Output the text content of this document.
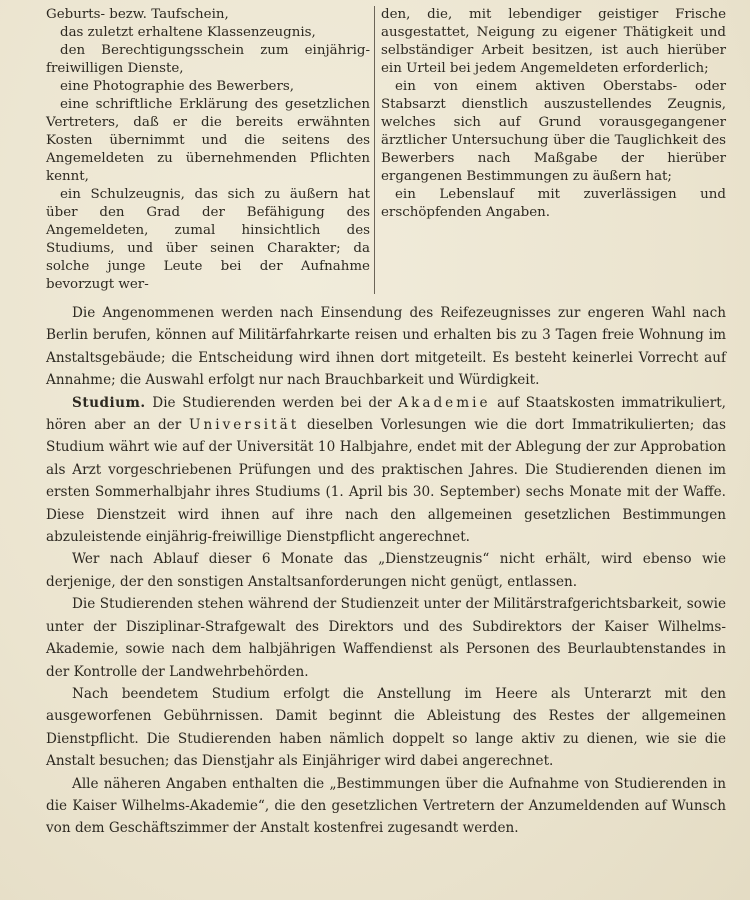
Geburts- bezw. Taufschein,

das zuletzt erhaltene Klassenzeugnis,

den Berechtigungsschein zum einjährig-freiwilligen Dienste,

eine Photographie des Bewerbers,

eine schriftliche Erklärung des gesetzlichen Vertreters, daß er die bereits erwähnten Kosten übernimmt und die seitens des Angemeldeten zu übernehmenden Pflichten kennt,

ein Schulzeugnis, das sich zu äußern hat über den Grad der Befähigung des Angemeldeten, zumal hinsichtlich des Studiums, und über seinen Charakter; da solche junge Leute bei der Aufnahme bevorzugt wer-

den, die, mit lebendiger geistiger Frische ausgestattet, Neigung zu eigener Thätigkeit und selbständiger Arbeit besitzen, ist auch hierüber ein Urteil bei jedem Angemeldeten erforderlich;

ein von einem aktiven Oberstabs- oder Stabsarzt dienstlich auszustellendes Zeugnis, welches sich auf Grund vorausgegangener ärztlicher Untersuchung über die Tauglichkeit des Bewerbers nach Maßgabe der hierüber ergangenen Bestimmungen zu äußern hat;

ein Lebenslauf mit zuverlässigen und erschöpfenden Angaben.

Die Angenommenen werden nach Einsendung des Reifezeugnisses zur engeren Wahl nach Berlin berufen, können auf Militärfahrkarte reisen und erhalten bis zu 3 Tagen freie Wohnung im Anstaltsgebäude; die Entscheidung wird ihnen dort mitgeteilt. Es besteht keinerlei Vorrecht auf Annahme; die Auswahl erfolgt nur nach Brauchbarkeit und Würdigkeit.

Studium. Die Studierenden werden bei der Akademie auf Staatskosten immatrikuliert, hören aber an der Universität dieselben Vorlesungen wie die dort Immatrikulierten; das Studium währt wie auf der Universität 10 Halbjahre, endet mit der Ablegung der zur Approbation als Arzt vorgeschriebenen Prüfungen und des praktischen Jahres. Die Studierenden dienen im ersten Sommerhalbjahr ihres Studiums (1. April bis 30. September) sechs Monate mit der Waffe. Diese Dienstzeit wird ihnen auf ihre nach den allgemeinen gesetzlichen Bestimmungen abzuleistende einjährig-freiwillige Dienstpflicht angerechnet.

Wer nach Ablauf dieser 6 Monate das „Dienstzeugnis“ nicht erhält, wird ebenso wie derjenige, der den sonstigen Anstaltsanforderungen nicht genügt, entlassen.

Die Studierenden stehen während der Studienzeit unter der Militärstrafgerichtsbarkeit, sowie unter der Disziplinar-Strafgewalt des Direktors und des Subdirektors der Kaiser Wilhelms-Akademie, sowie nach dem halbjährigen Waffendienst als Personen des Beurlaubtenstandes in der Kontrolle der Landwehrbehörden.

Nach beendetem Studium erfolgt die Anstellung im Heere als Unterarzt mit den ausgeworfenen Gebührnissen. Damit beginnt die Ableistung des Restes der allgemeinen Dienstpflicht. Die Studierenden haben nämlich doppelt so lange aktiv zu dienen, wie sie die Anstalt besuchen; das Dienstjahr als Einjähriger wird dabei angerechnet.

Alle näheren Angaben enthalten die „Bestimmungen über die Aufnahme von Studierenden in die Kaiser Wilhelms-Akademie“, die den gesetzlichen Vertretern der Anzumeldenden auf Wunsch von dem Geschäftszimmer der Anstalt kostenfrei zugesandt werden.
